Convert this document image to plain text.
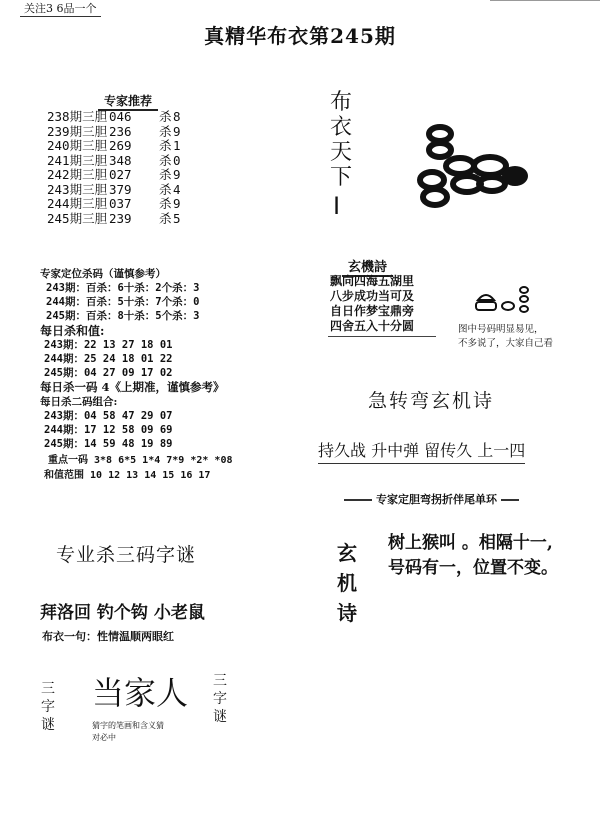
关注3 6品一个
真精华布衣第245期
专家推荐
238期三胆 046 杀8
239期三胆 236 杀9
240期三胆 269 杀1
241期三胆 348 杀0
242期三胆 027 杀9
243期三胆 379 杀4
244期三胆 037 杀9
245期三胆 239 杀5
专家定位杀码（谨慎参考）
243期：百杀：6十杀：2个杀：3
244期：百杀：5十杀：7个杀：0
245期：百杀：8十杀：5个杀：3
每日杀和值:
243期：22 13 27 18 01
244期：25 24 18 01 22
245期：04 27 09 17 02
每日杀一码 4《上期准，谨慎参考》
每日杀二码组合:
243期：04 58 47 29 07
244期：17 12 58 09 69
245期：14 59 48 19 89
重点一码 3*8 6*5 1*4 7*9 *2* *08
和值范围 10 12 13 14 15 16 17
布衣天下
I
玄機詩
飘向四海五湖里
八步成功当可及
自日作梦宝鼎旁
四舍五入十分圆	图中号码明显易见，
不多说了，大家自己看
急转弯玄机诗
持久战 升中弹 留传久 上一四
专家定胆弯拐折伴尾单环
玄机诗
树上猴叫 。相隔十一,
号码有一，位置不变。
专业杀三码字谜
拜洛回 钓个钩 小老鼠
布衣一句：性情温顺两眼红
三字谜
当家人 三字谜
猜字的笔画和含义猜
对必中
